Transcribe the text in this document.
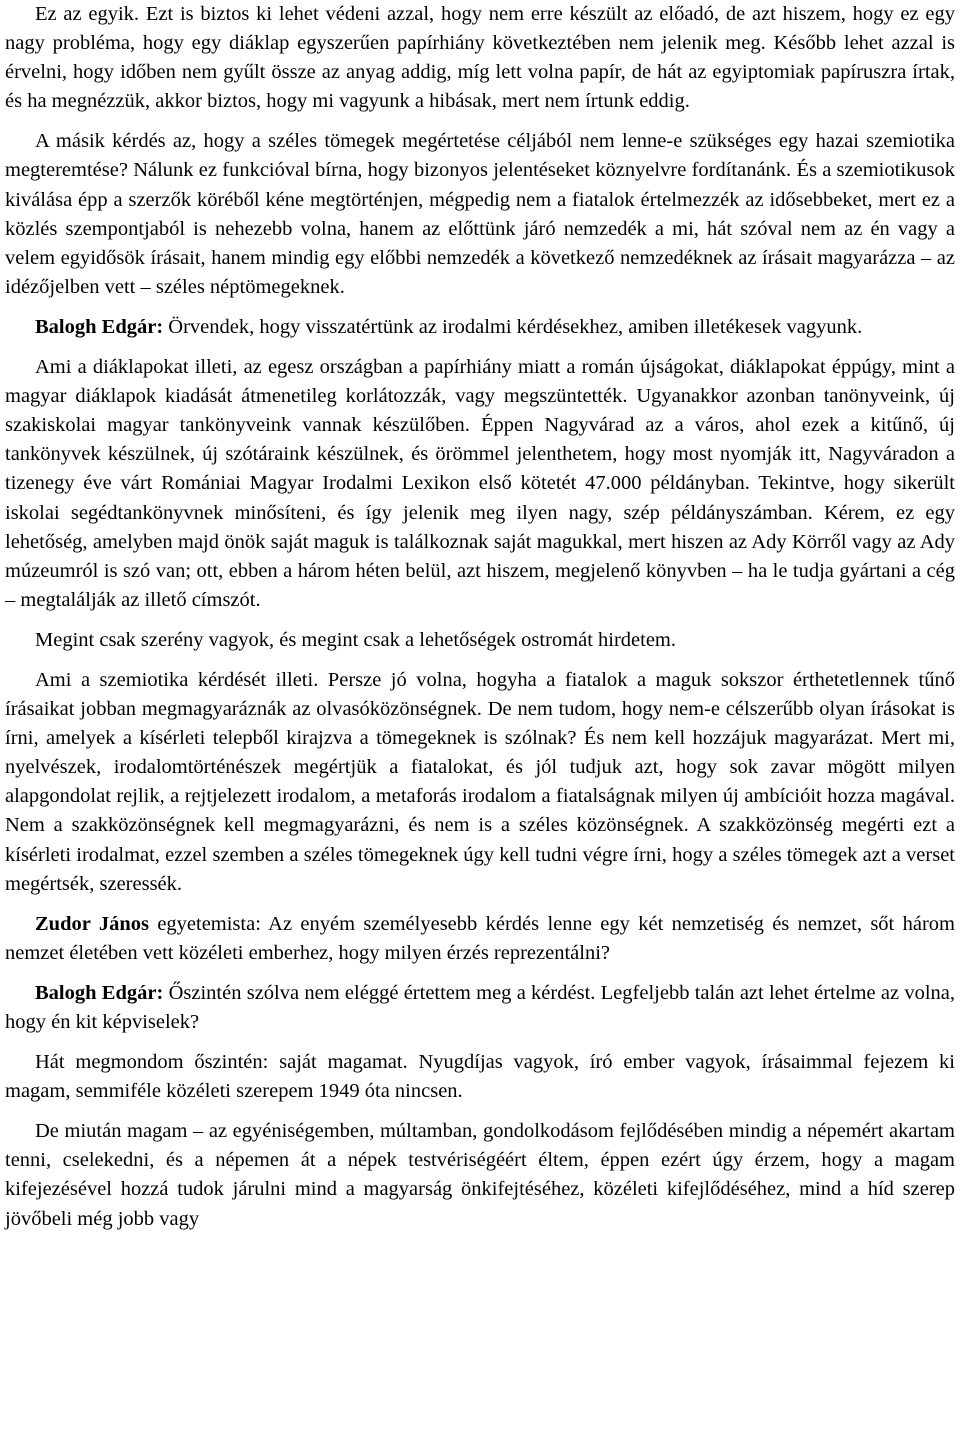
Ez az egyik. Ezt is biztos ki lehet védeni azzal, hogy nem erre készült az előadó, de azt hiszem, hogy ez egy nagy probléma, hogy egy diáklap egyszerűen papírhiány következtében nem jelenik meg. Később lehet azzal is érvelni, hogy időben nem gyűlt össze az anyag addig, míg lett volna papír, de hát az egyiptomiak papíruszra írtak, és ha megnézzük, akkor biztos, hogy mi vagyunk a hibásak, mert nem írtunk eddig.

A másik kérdés az, hogy a széles tömegek megértetése céljából nem lenne-e szükséges egy hazai szemiotika megteremtése? Nálunk ez funkcióval bírna, hogy bizonyos jelentéseket köznyelvre fordítanánk. És a szemiotikusok kiválása épp a szerzők köréből kéne megtörténjen, mégpedig nem a fiatalok értelmezzék az idősebbeket, mert ez a közlés szempontjaból is nehezebb volna, hanem az előttünk járó nemzedék a mi, hát szóval nem az én vagy a velem egyidősök írásait, hanem mindig egy előbbi nemzedék a következő nemzedéknek az írásait magyarázza – az idézőjelben vett – széles néptömegeknek.

Balogh Edgár: Örvendek, hogy visszatértünk az irodalmi kérdésekhez, amiben illetékesek vagyunk.

Ami a diáklapokat illeti, az egesz országban a papírhiány miatt a román újságokat, diáklapokat éppúgy, mint a magyar diáklapok kiadását átmenetileg korlátozzák, vagy megszüntették. Ugyanakkor azonban tanönyveink, új szakiskolai magyar tankönyveink vannak készülőben. Éppen Nagyvárad az a város, ahol ezek a kitűnő, új tankönyvek készülnek, új szótáraink készülnek, és örömmel jelenthetem, hogy most nyomják itt, Nagyváradon a tizenegy éve várt Romániai Magyar Irodalmi Lexikon első kötetét 47.000 példányban. Tekintve, hogy sikerült iskolai segédtankönyvnek minősíteni, és így jelenik meg ilyen nagy, szép példányszámban. Kérem, ez egy lehetőség, amelyben majd önök saját maguk is találkoznak saját magukkal, mert hiszen az Ady Körről vagy az Ady múzeumról is szó van; ott, ebben a három héten belül, azt hiszem, megjelenő könyvben – ha le tudja gyártani a cég – megtalálják az illető címszót.

Megint csak szerény vagyok, és megint csak a lehetőségek ostromát hirdetem.

Ami a szemiotika kérdését illeti. Persze jó volna, hogyha a fiatalok a maguk sokszor érthetetlennek tűnő írásaikat jobban megmagyaráznák az olvasóközönségnek. De nem tudom, hogy nem-e célszerűbb olyan írásokat is írni, amelyek a kísérleti telepből kirajzva a tömegeknek is szólnak? És nem kell hozzájuk magyarázat. Mert mi, nyelvészek, irodalomtörténészek megértjük a fiatalokat, és jól tudjuk azt, hogy sok zavar mögött milyen alapgondolat rejlik, a rejtjelezett irodalom, a metaforás irodalom a fiatalságnak milyen új ambícióit hozza magával. Nem a szakközönségnek kell megmagyarázni, és nem is a széles közönségnek. A szakközönség megérti ezt a kísérleti irodalmat, ezzel szemben a széles tömegeknek úgy kell tudni végre írni, hogy a széles tömegek azt a verset megértsék, szeressék.

Zudor János egyetemista: Az enyém személyesebb kérdés lenne egy két nemzetiség és nemzet, sőt három nemzet életében vett közéleti emberhez, hogy milyen érzés reprezentálni?

Balogh Edgár: Őszintén szólva nem eléggé értettem meg a kérdést. Legfeljebb talán azt lehet értelme az volna, hogy én kit képviselek?

Hát megmondom őszintén: saját magamat. Nyugdíjas vagyok, író ember vagyok, írásaimmal fejezem ki magam, semmiféle közéleti szerepem 1949 óta nincsen.

De miután magam – az egyéniségemben, múltamban, gondolkodásom fejlődésében mindig a népemért akartam tenni, cselekedni, és a népemen át a népek testvériségéért éltem, éppen ezért úgy érzem, hogy a magam kifejezésével hozzá tudok járulni mind a magyarság önkifejtéséhez, közéleti kifejlődéséhez, mind a híd szerep jövőbeli még jobb vagy
